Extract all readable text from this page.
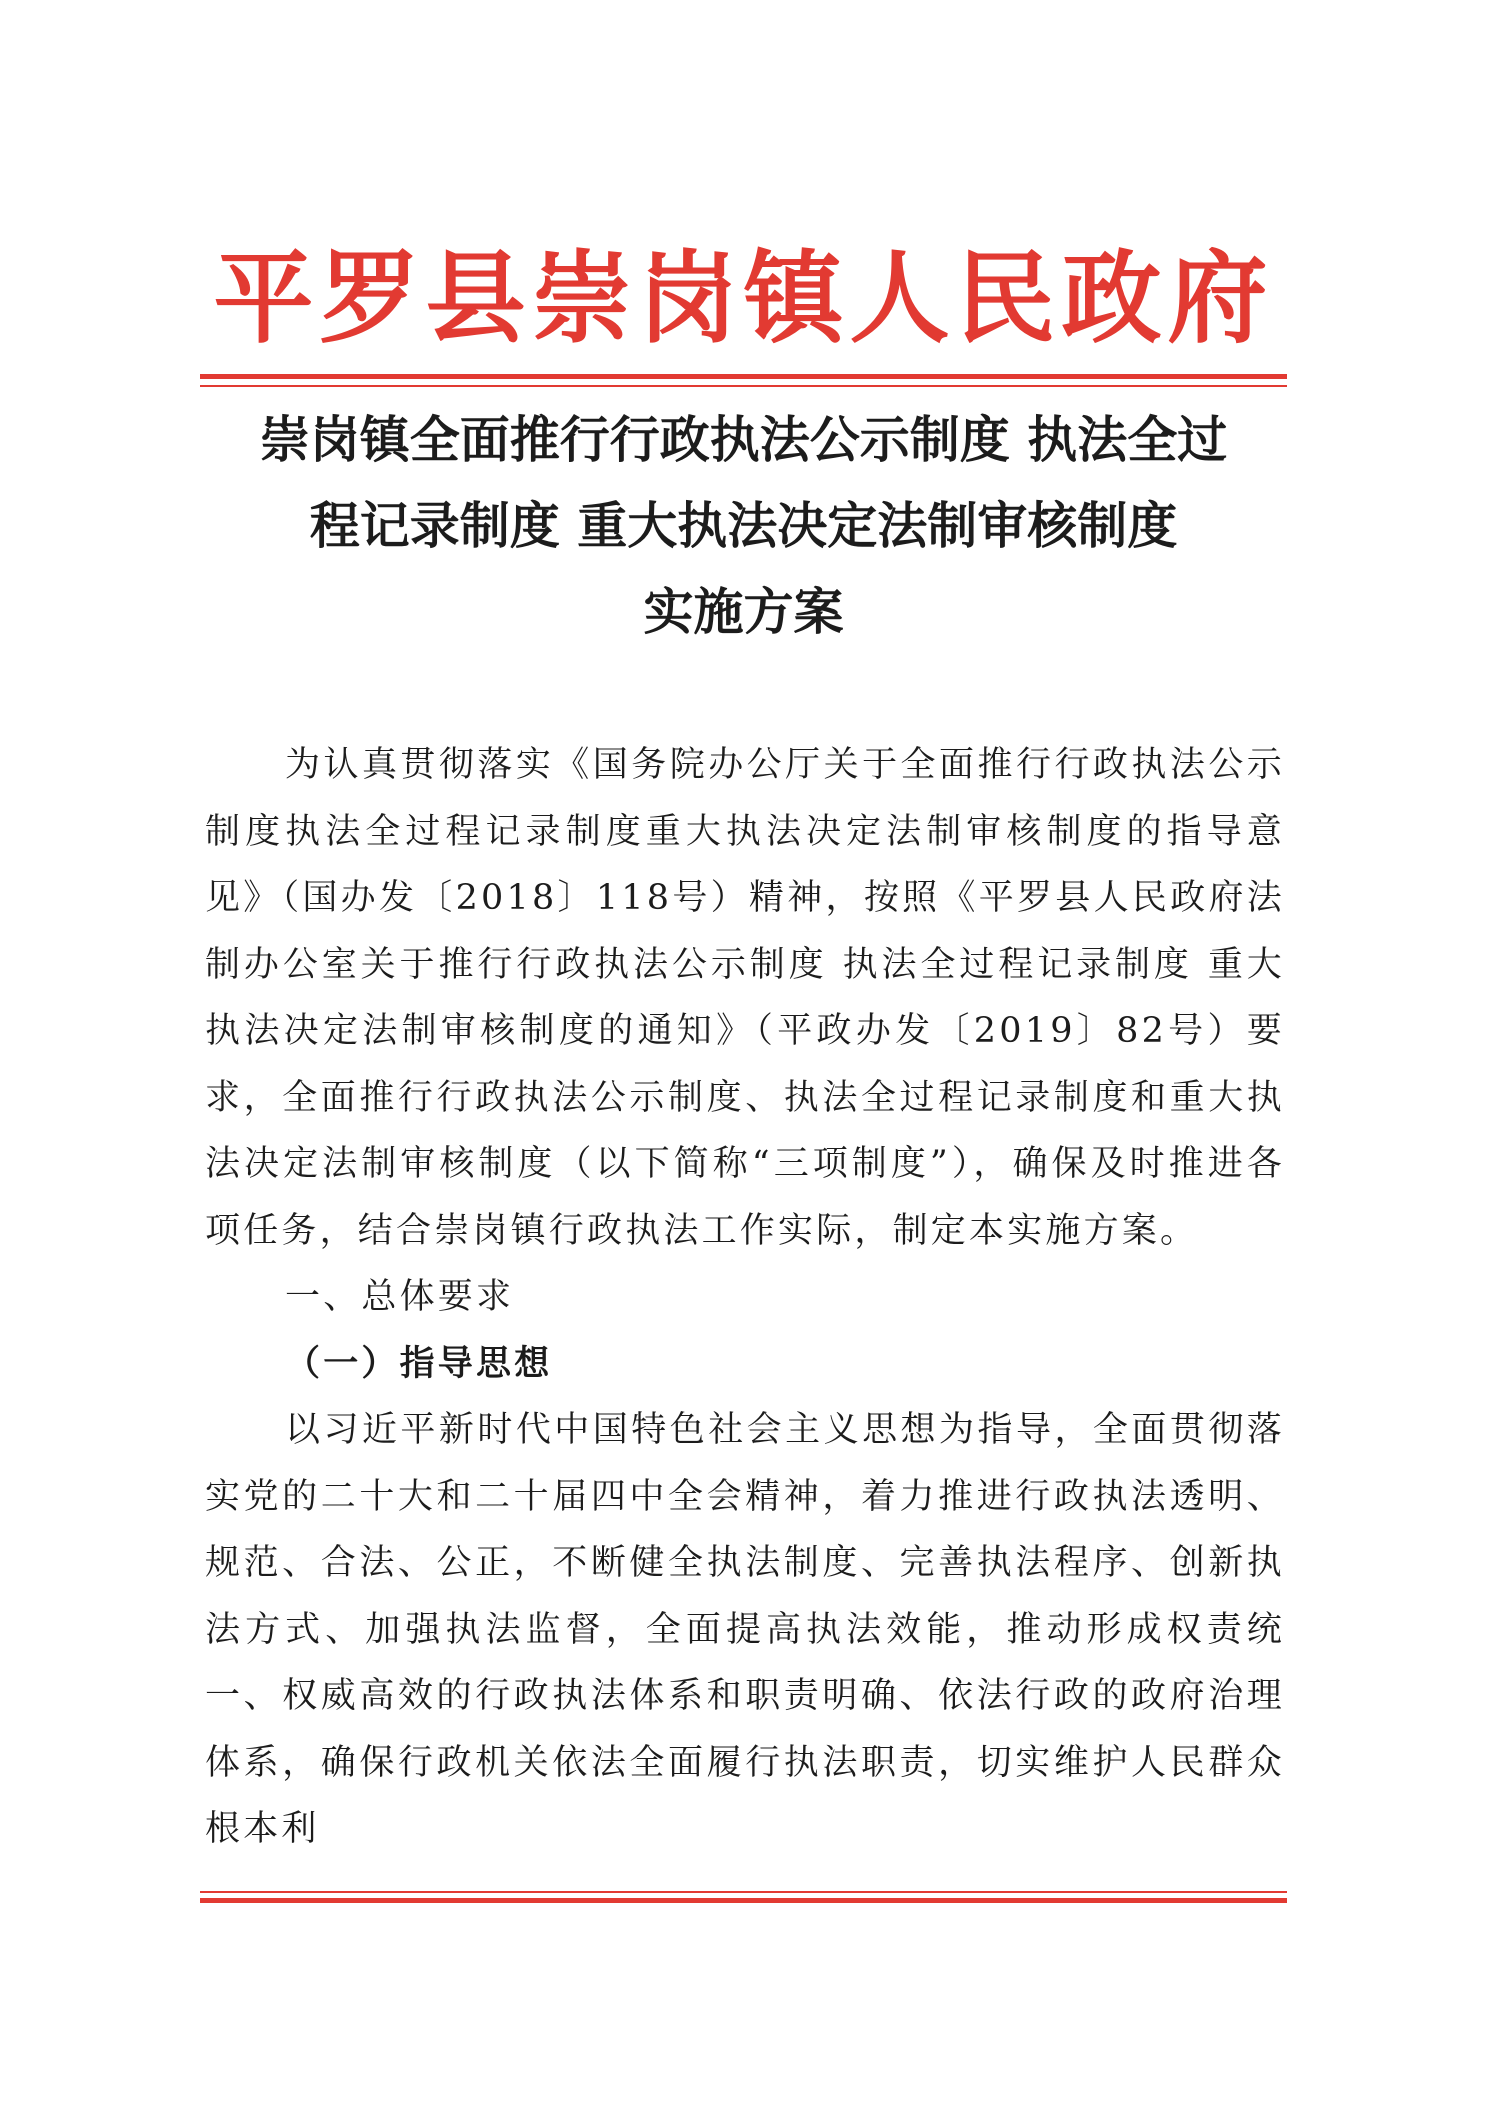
平罗县崇岗镇人民政府
崇岗镇全面推行行政执法公示制度 执法全过
程记录制度 重大执法决定法制审核制度
实施方案

为认真贯彻落实《国务院办公厅关于全面推行行政执法公示制度执法全过程记录制度重大执法决定法制审核制度的指导意见》（国办发〔2018〕118号）精神，按照《平罗县人民政府法制办公室关于推行行政执法公示制度 执法全过程记录制度 重大执法决定法制审核制度的通知》（平政办发〔2019〕82号）要求，全面推行行政执法公示制度、执法全过程记录制度和重大执法决定法制审核制度（以下简称“三项制度”），确保及时推进各项任务，结合崇岗镇行政执法工作实际，制定本实施方案。

一、总体要求

（一）指导思想

以习近平新时代中国特色社会主义思想为指导，全面贯彻落实党的二十大和二十届四中全会精神，着力推进行政执法透明、规范、合法、公正，不断健全执法制度、完善执法程序、创新执法方式、加强执法监督，全面提高执法效能，推动形成权责统一、权威高效的行政执法体系和职责明确、依法行政的政府治理体系，确保行政机关依法全面履行执法职责，切实维护人民群众根本利
